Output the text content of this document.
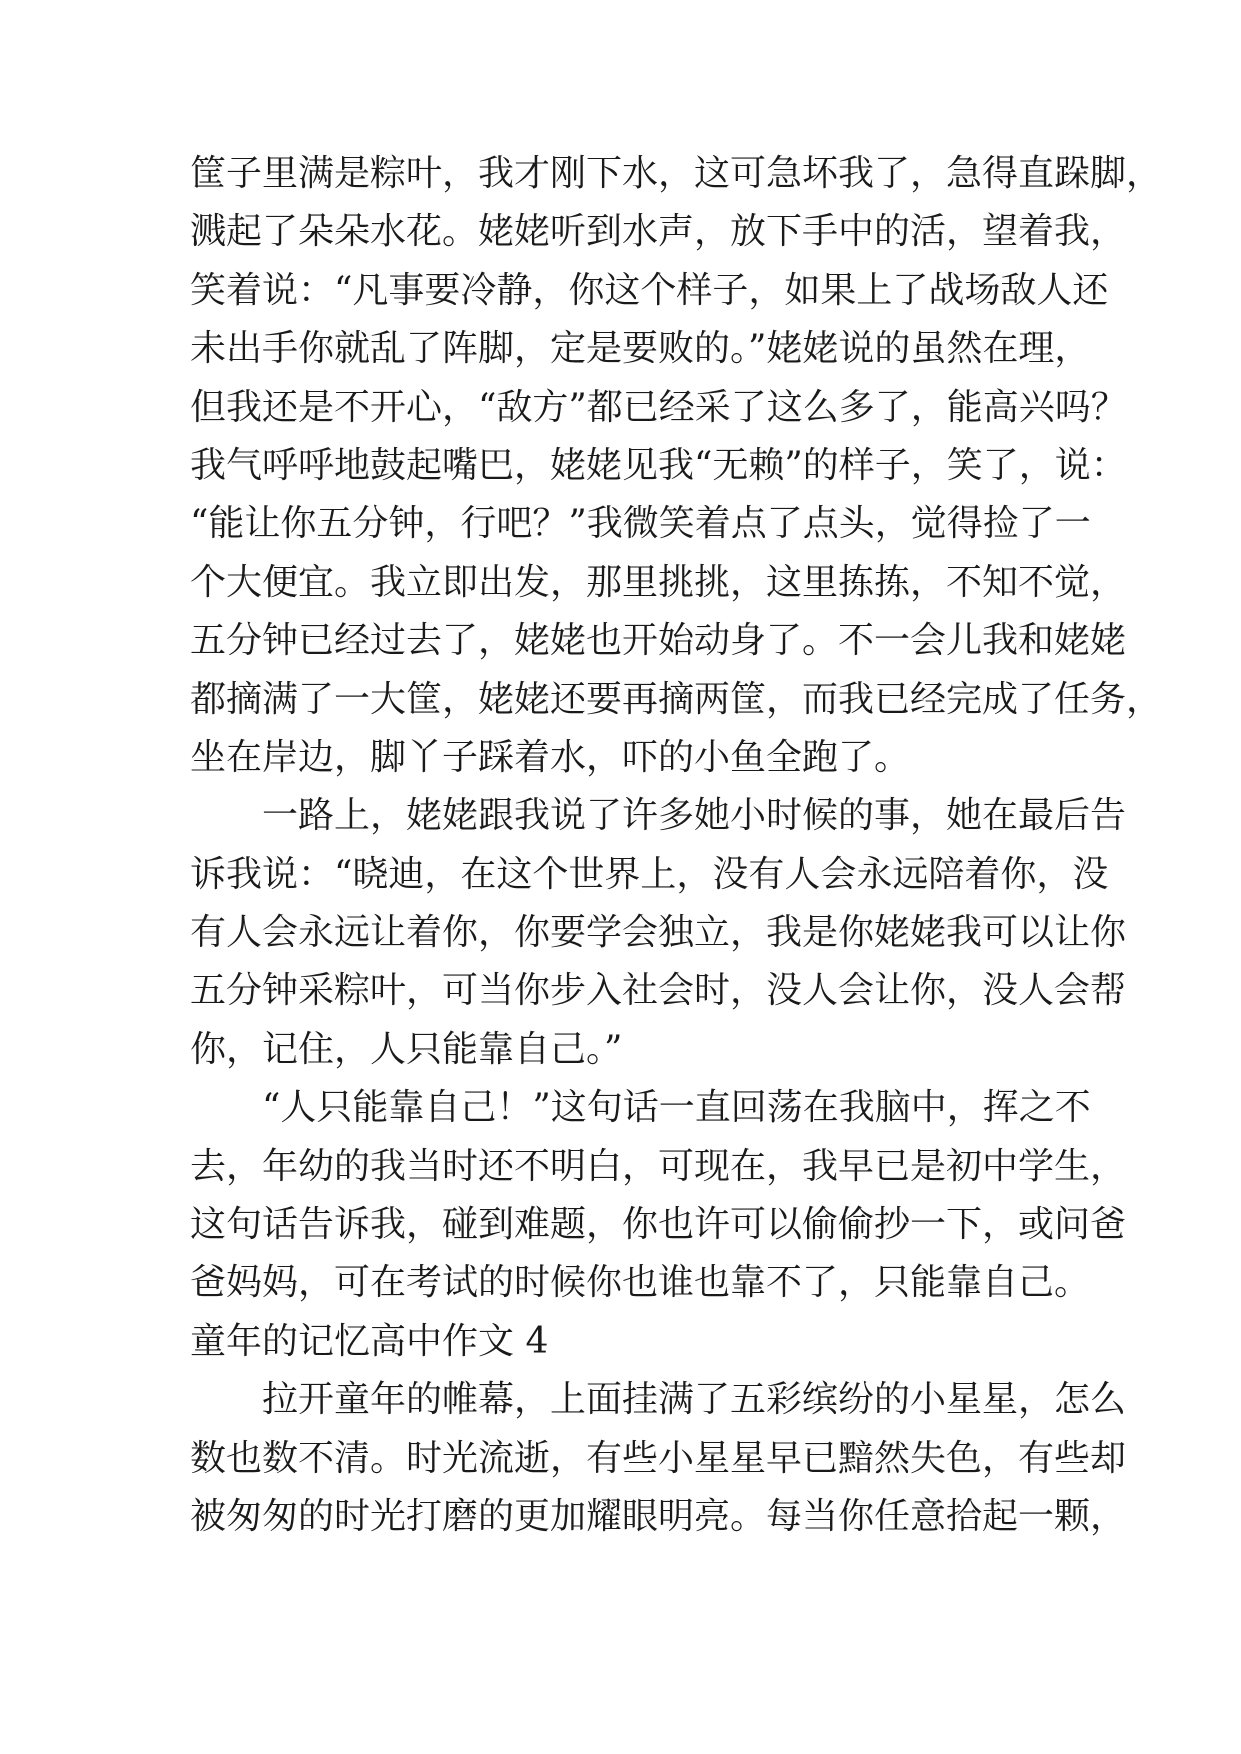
筐子里满是粽叶，我才刚下水，这可急坏我了，急得直跺脚，
溅起了朵朵水花。姥姥听到水声，放下手中的活，望着我，
笑着说：“凡事要冷静，你这个样子，如果上了战场敌人还
未出手你就乱了阵脚，定是要败的。”姥姥说的虽然在理，
但我还是不开心，“敌方”都已经采了这么多了，能高兴吗？
我气呼呼地鼓起嘴巴，姥姥见我“无赖”的样子，笑了，说：
“能让你五分钟，行吧？”我微笑着点了点头，觉得捡了一
个大便宜。我立即出发，那里挑挑，这里拣拣，不知不觉，
五分钟已经过去了，姥姥也开始动身了。不一会儿我和姥姥
都摘满了一大筐，姥姥还要再摘两筐，而我已经完成了任务，
坐在岸边，脚丫子踩着水，吓的小鱼全跑了。
一路上，姥姥跟我说了许多她小时候的事，她在最后告
诉我说：“晓迪，在这个世界上，没有人会永远陪着你，没
有人会永远让着你，你要学会独立，我是你姥姥我可以让你
五分钟采粽叶，可当你步入社会时，没人会让你，没人会帮
你，记住，人只能靠自己。”
“人只能靠自己！”这句话一直回荡在我脑中，挥之不
去，年幼的我当时还不明白，可现在，我早已是初中学生，
这句话告诉我，碰到难题，你也许可以偷偷抄一下，或问爸
爸妈妈，可在考试的时候你也谁也靠不了，只能靠自己。
童年的记忆高中作文 4
拉开童年的帷幕，上面挂满了五彩缤纷的小星星，怎么
数也数不清。时光流逝，有些小星星早已黯然失色，有些却
被匆匆的时光打磨的更加耀眼明亮。每当你任意拾起一颗，
